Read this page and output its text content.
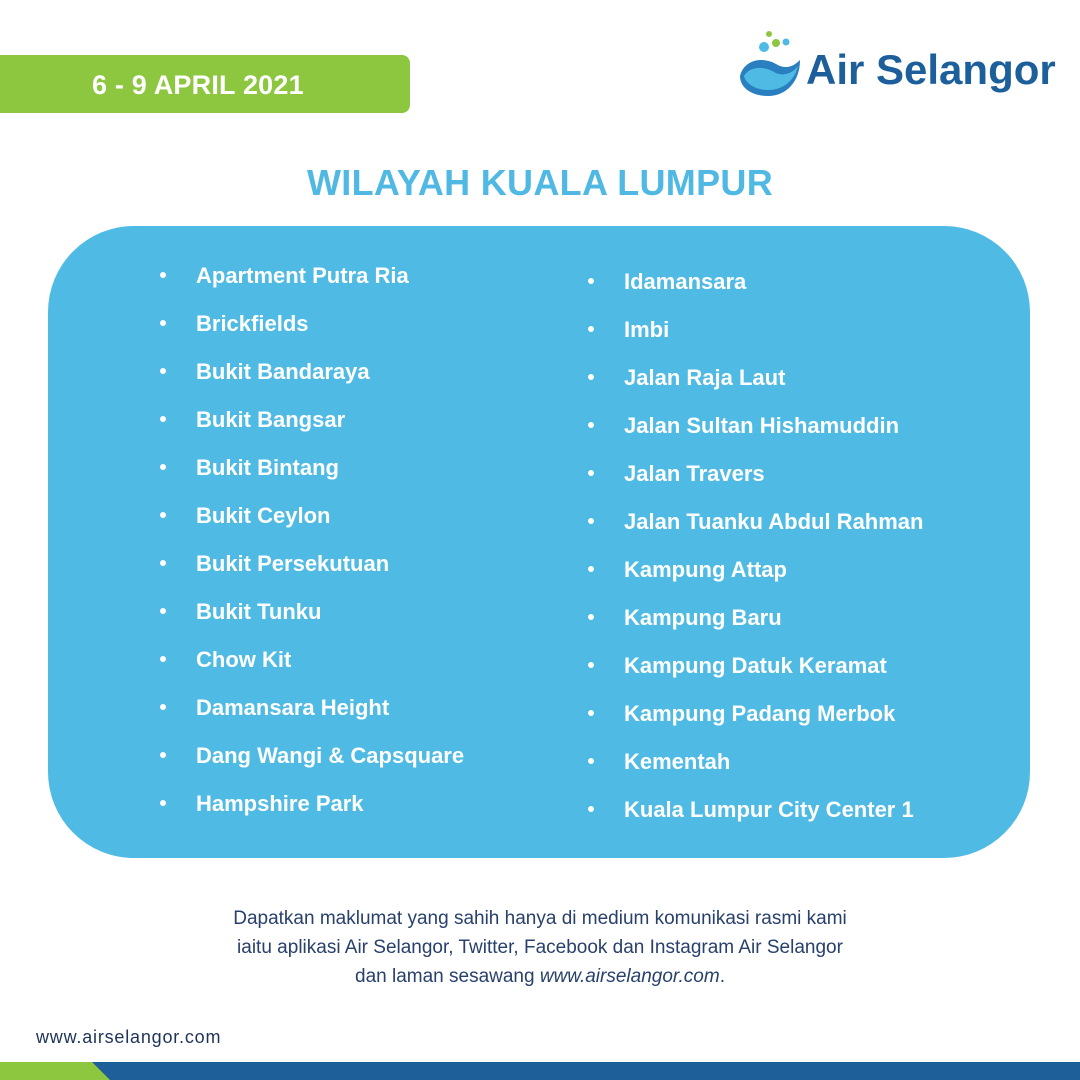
6 - 9 APRIL 2021	Air Selangor
WILAYAH KUALA LUMPUR
Apartment Putra Ria
Brickfields
Bukit Bandaraya
Bukit Bangsar
Bukit Bintang
Bukit Ceylon
Bukit Persekutuan
Bukit Tunku
Chow Kit
Damansara Height
Dang Wangi & Capsquare
Hampshire Park
Idamansara
Imbi
Jalan Raja Laut
Jalan Sultan Hishamuddin
Jalan Travers
Jalan Tuanku Abdul Rahman
Kampung Attap
Kampung Baru
Kampung Datuk Keramat
Kampung Padang Merbok
Kementah
Kuala Lumpur City Center 1
Dapatkan maklumat yang sahih hanya di medium komunikasi rasmi kami
iaitu aplikasi Air Selangor, Twitter, Facebook dan Instagram Air Selangor
dan laman sesawang www.airselangor.com.
www.airselangor.com
